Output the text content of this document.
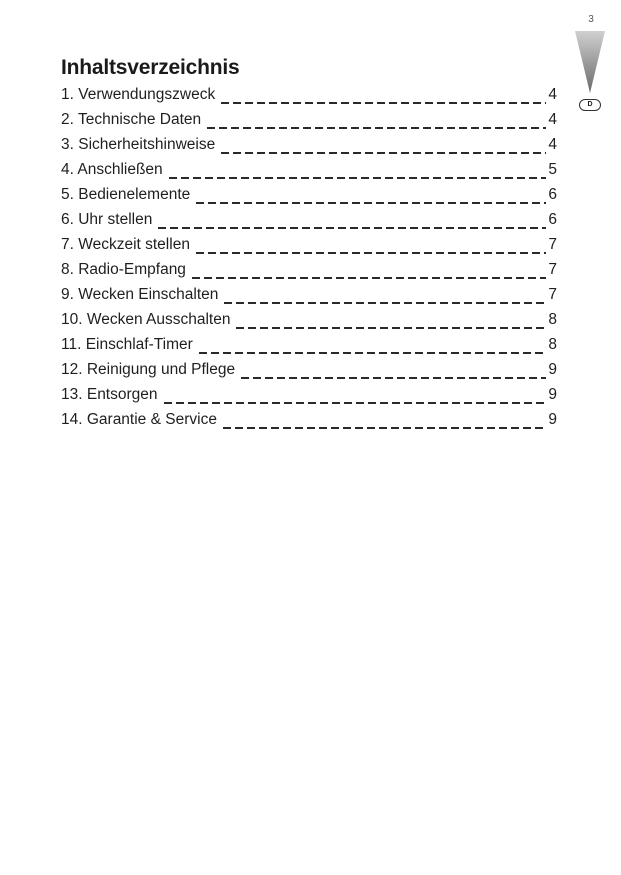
3
D
Inhaltsverzeichnis
1. Verwendungszweck	4
2. Technische Daten	4
3. Sicherheitshinweise	4
4. Anschließen	5
5. Bedienelemente	6
6. Uhr stellen	6
7. Weckzeit stellen	7
8. Radio-Empfang	7
9. Wecken Einschalten	7
10. Wecken Ausschalten	8
11. Einschlaf-Timer	8
12. Reinigung und Pflege	9
13. Entsorgen	9
14. Garantie & Service	9
